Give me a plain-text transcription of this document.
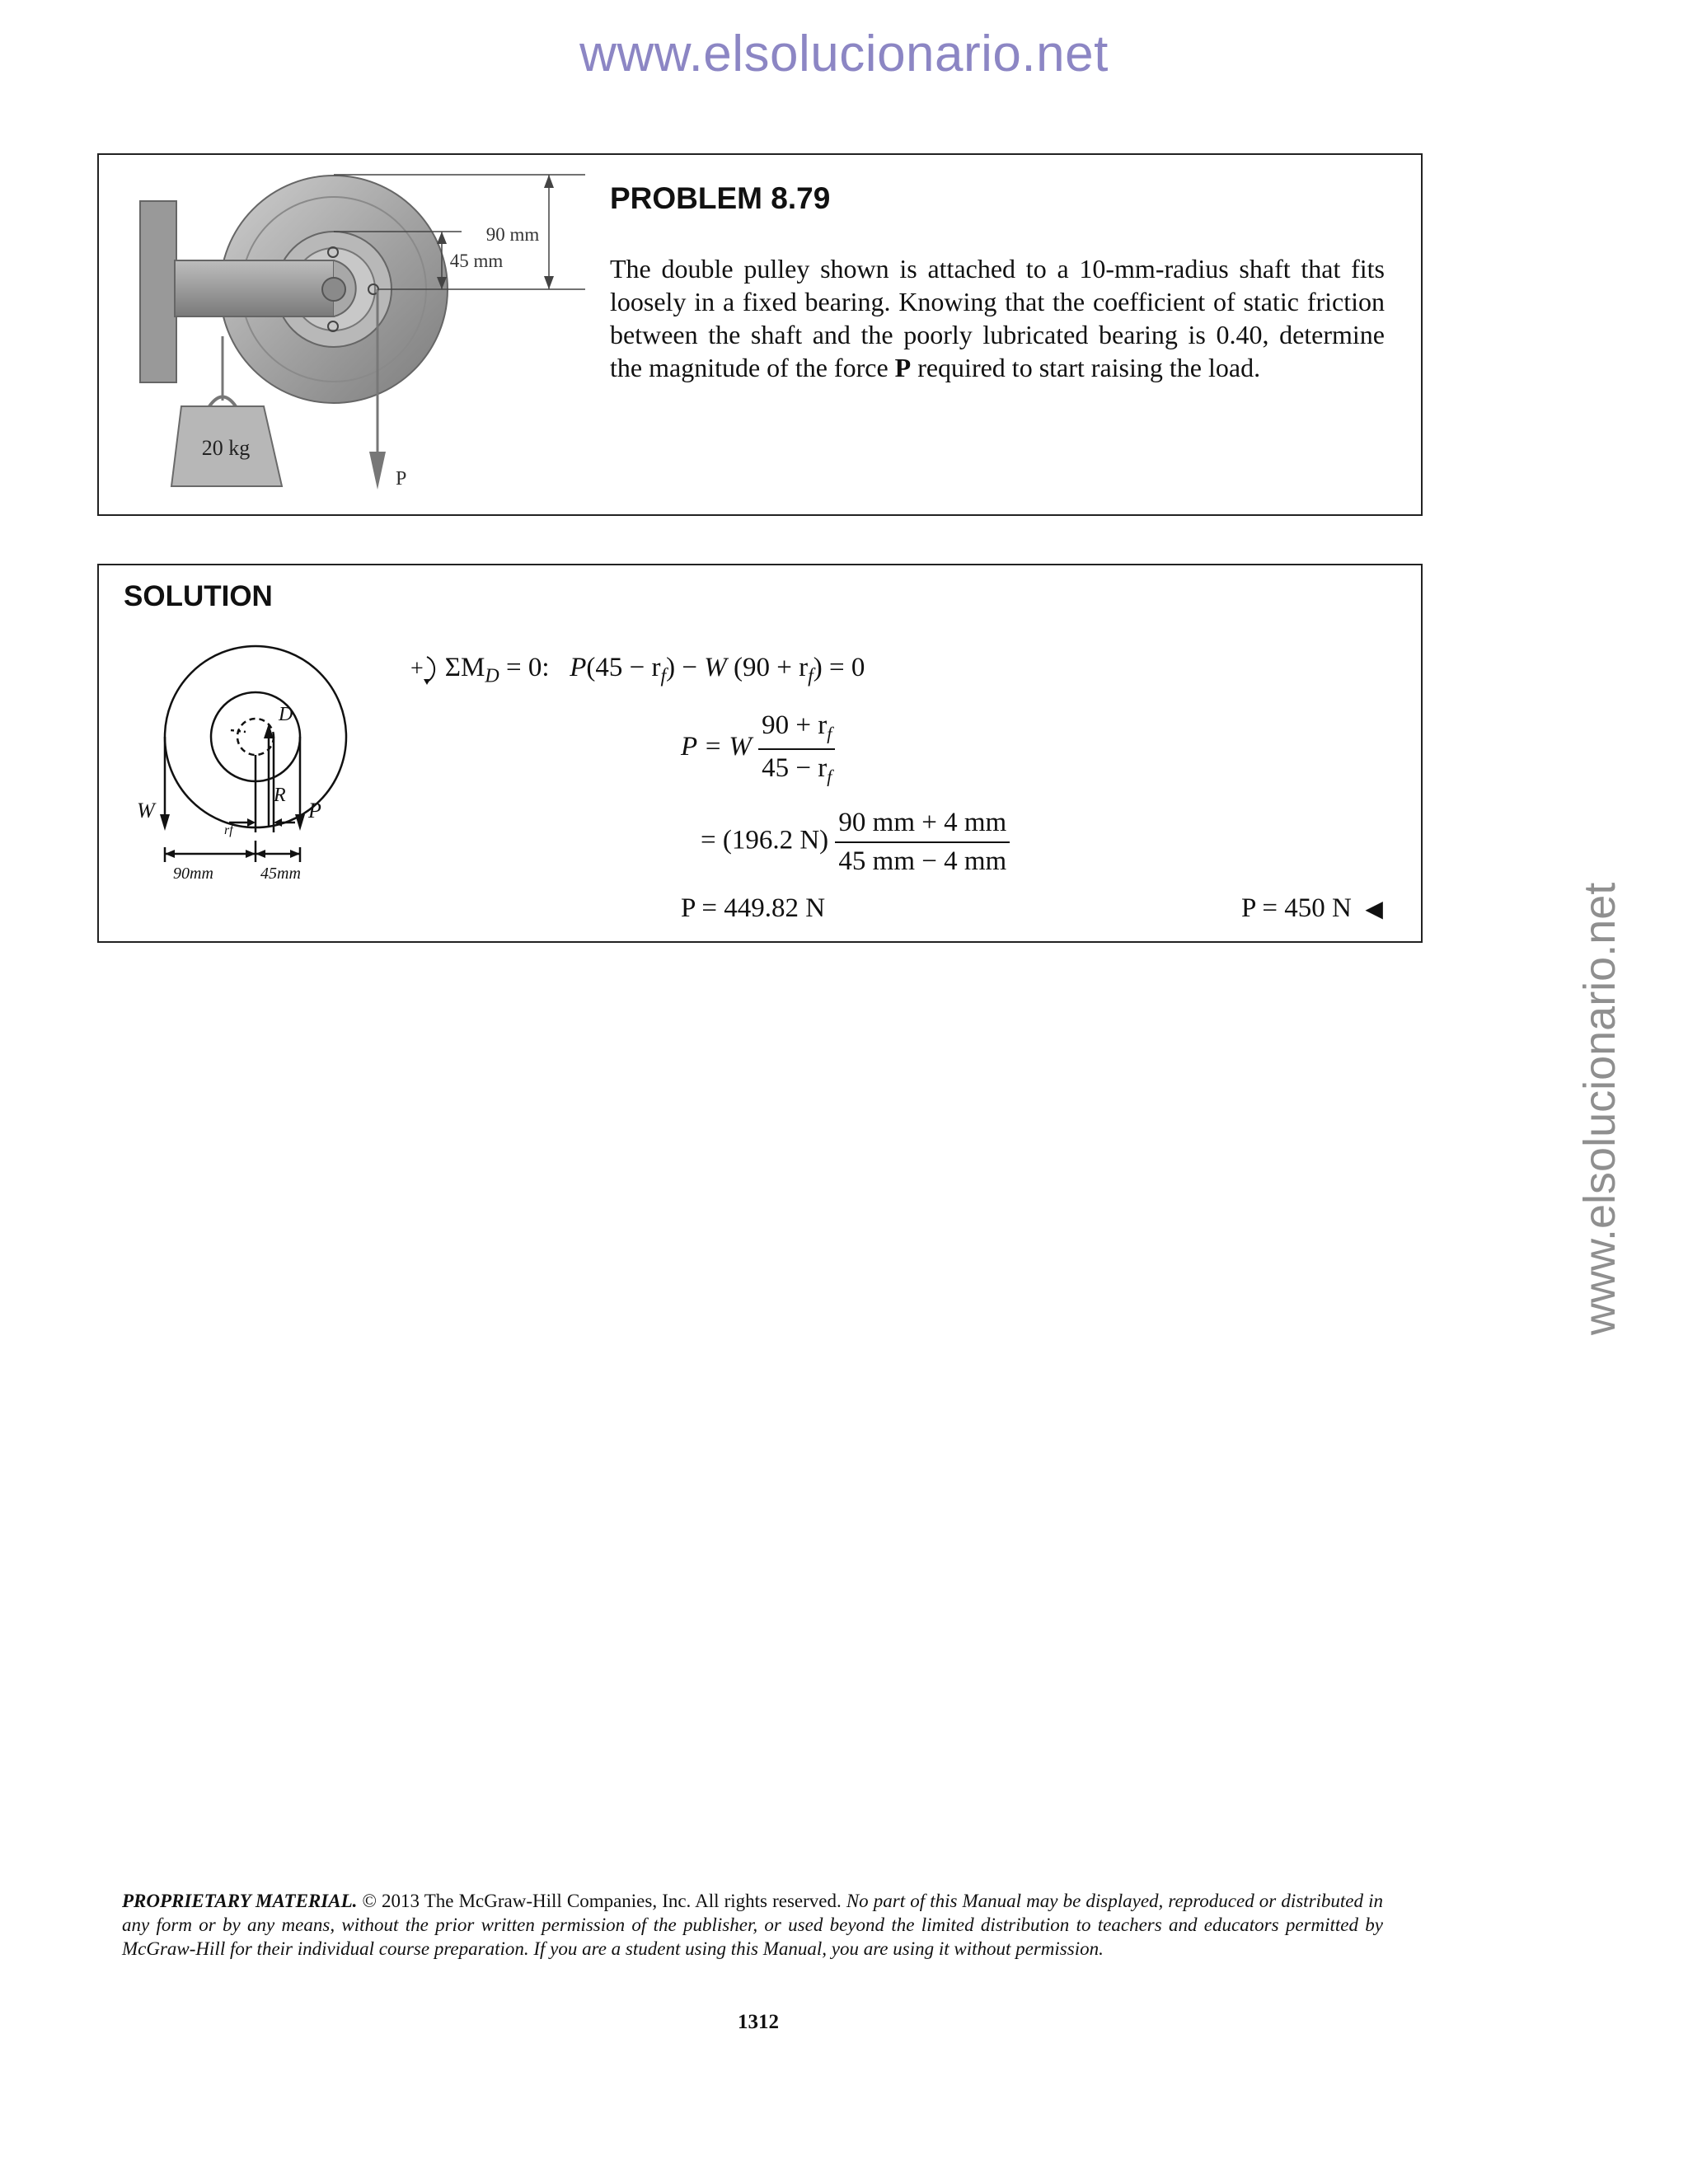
www.elsolucionario.net
www.elsolucionario.net
20 kg
P
90 mm
45 mm
PROBLEM 8.79
The double pulley shown is attached to a 10-mm-radius shaft that fits loosely in a fixed bearing. Knowing that the coefficient of static friction between the shaft and the poorly lubricated bearing is 0.40, determine the magnitude of the force P required to start raising the load.
SOLUTION
D
R
W	P
rf
90mm	45mm
+ $\Sigma M_D = 0$: $P(45 - r_f) - W$ $(90 + r_f) = 0$
P = W $\frac{90 + r_f}{45 - r_f}$
= (196.2 $N) \frac{90 mm + 4 mm}{45 mm - 4 mm}$
P = 449.82 N	P = 450 N ◀
PROPRIETARY MATERIAL. © 2013 The McGraw-Hill Companies, Inc. All rights reserved. No part of this Manual may be displayed, reproduced or distributed in any form or by any means, without the prior written permission of the publisher, or used beyond the limited distribution to teachers and educators permitted by McGraw-Hill for their individual course preparation. If you are a student using this Manual, you are using it without permission.
1312
